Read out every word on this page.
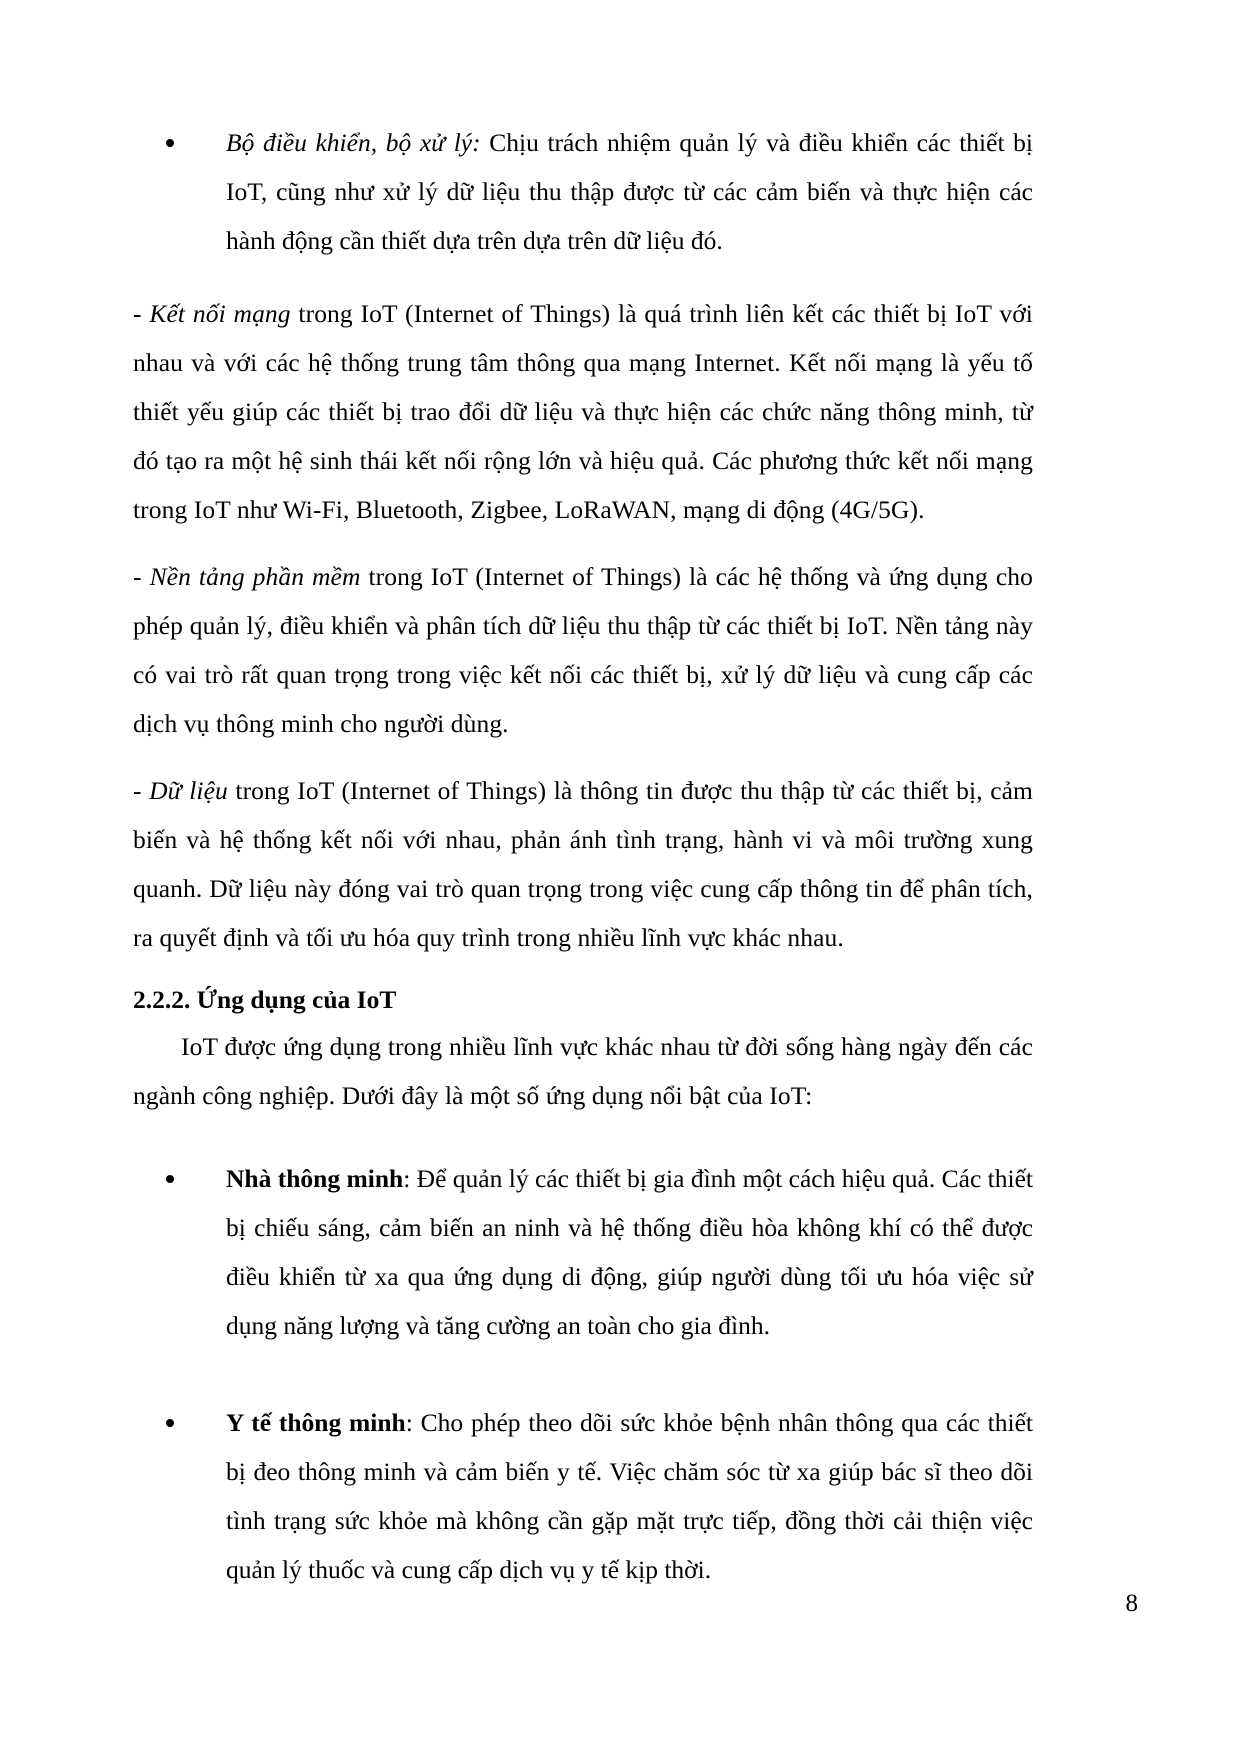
Bộ điều khiển, bộ xử lý: Chịu trách nhiệm quản lý và điều khiển các thiết bị IoT, cũng như xử lý dữ liệu thu thập được từ các cảm biến và thực hiện các hành động cần thiết dựa trên dựa trên dữ liệu đó.

- Kết nối mạng trong IoT (Internet of Things) là quá trình liên kết các thiết bị IoT với nhau và với các hệ thống trung tâm thông qua mạng Internet. Kết nối mạng là yếu tố thiết yếu giúp các thiết bị trao đổi dữ liệu và thực hiện các chức năng thông minh, từ đó tạo ra một hệ sinh thái kết nối rộng lớn và hiệu quả. Các phương thức kết nối mạng trong IoT như Wi-Fi, Bluetooth, Zigbee, LoRaWAN, mạng di động (4G/5G).

- Nền tảng phần mềm trong IoT (Internet of Things) là các hệ thống và ứng dụng cho phép quản lý, điều khiển và phân tích dữ liệu thu thập từ các thiết bị IoT. Nền tảng này có vai trò rất quan trọng trong việc kết nối các thiết bị, xử lý dữ liệu và cung cấp các dịch vụ thông minh cho người dùng.

- Dữ liệu trong IoT (Internet of Things) là thông tin được thu thập từ các thiết bị, cảm biến và hệ thống kết nối với nhau, phản ánh tình trạng, hành vi và môi trường xung quanh. Dữ liệu này đóng vai trò quan trọng trong việc cung cấp thông tin để phân tích, ra quyết định và tối ưu hóa quy trình trong nhiều lĩnh vực khác nhau.

2.2.2. Ứng dụng của IoT

IoT được ứng dụng trong nhiều lĩnh vực khác nhau từ đời sống hàng ngày đến các ngành công nghiệp. Dưới đây là một số ứng dụng nổi bật của IoT:

Nhà thông minh: Để quản lý các thiết bị gia đình một cách hiệu quả. Các thiết bị chiếu sáng, cảm biến an ninh và hệ thống điều hòa không khí có thể được điều khiển từ xa qua ứng dụng di động, giúp người dùng tối ưu hóa việc sử dụng năng lượng và tăng cường an toàn cho gia đình.
Y tế thông minh: Cho phép theo dõi sức khỏe bệnh nhân thông qua các thiết bị đeo thông minh và cảm biến y tế. Việc chăm sóc từ xa giúp bác sĩ theo dõi tình trạng sức khỏe mà không cần gặp mặt trực tiếp, đồng thời cải thiện việc quản lý thuốc và cung cấp dịch vụ y tế kịp thời.
8
